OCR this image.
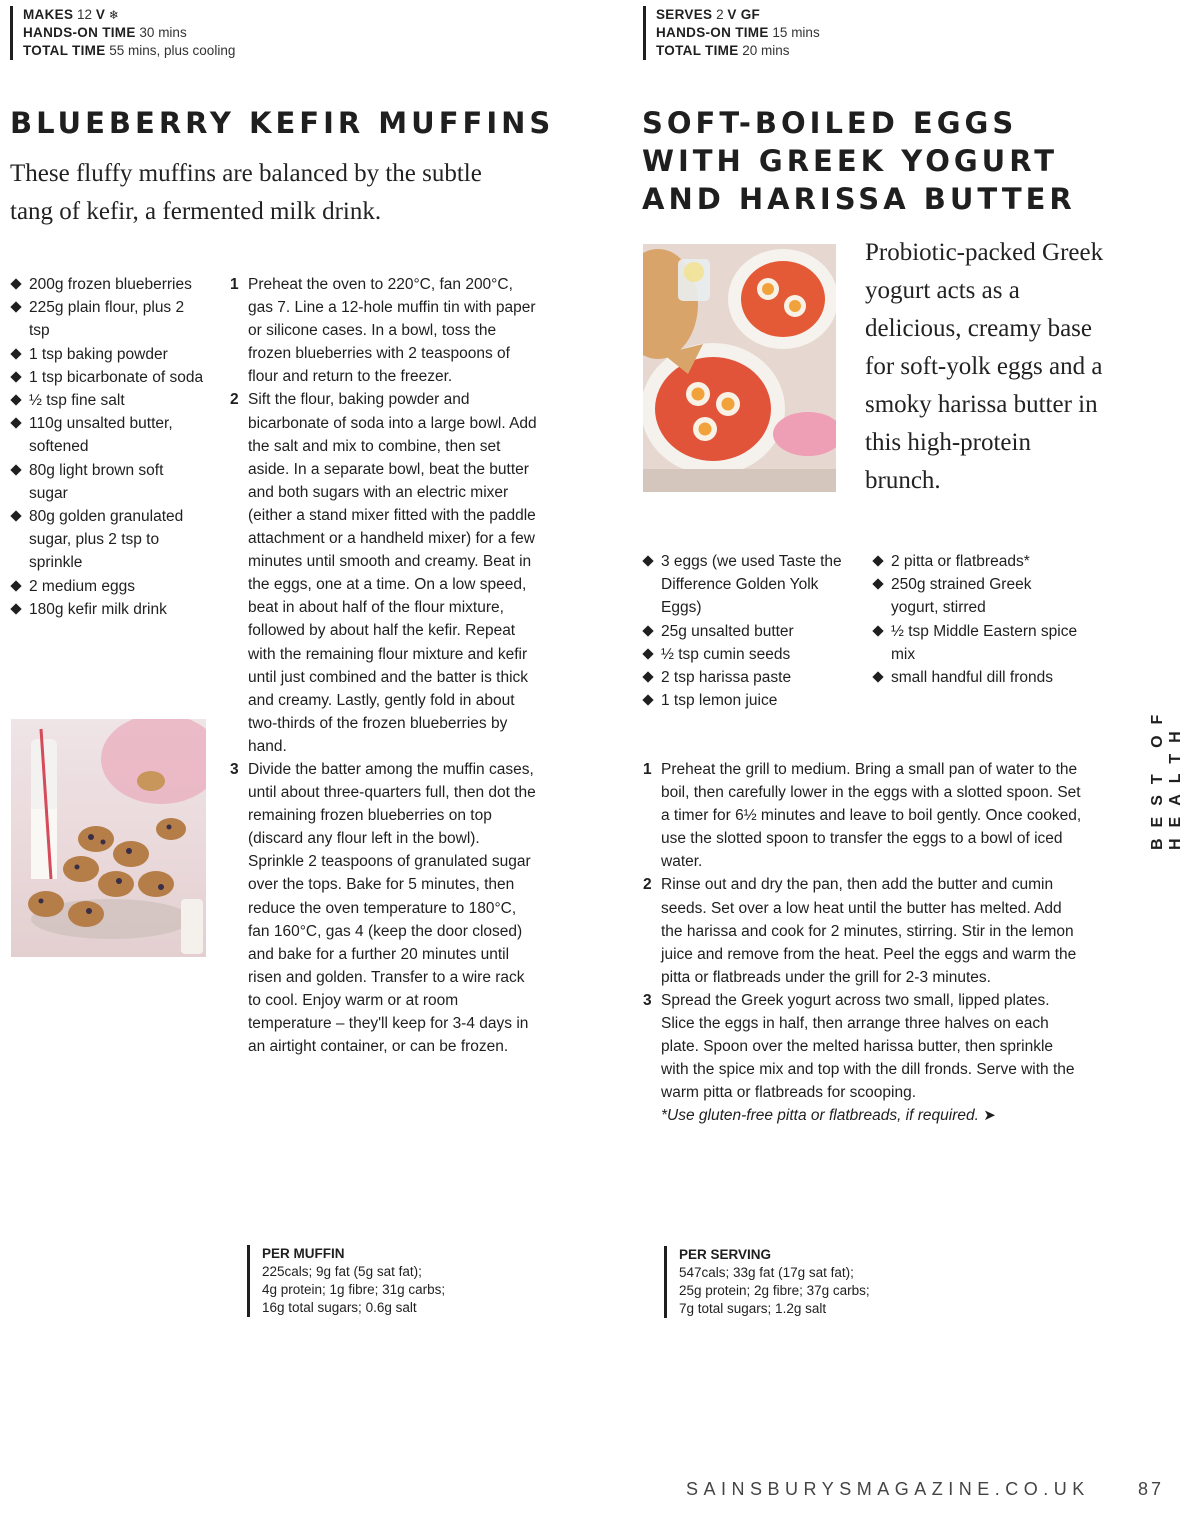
MAKES 12 V ❄
HANDS-ON TIME 30 mins
TOTAL TIME 55 mins, plus cooling
BLUEBERRY KEFIR MUFFINS
These fluffy muffins are balanced by the subtle tang of kefir, a fermented milk drink.
200g frozen blueberries
225g plain flour, plus 2 tsp
1 tsp baking powder
1 tsp bicarbonate of soda
½ tsp fine salt
110g unsalted butter, softened
80g light brown soft sugar
80g golden granulated sugar, plus 2 tsp to sprinkle
2 medium eggs
180g kefir milk drink
1 Preheat the oven to 220°C, fan 200°C, gas 7. Line a 12-hole muffin tin with paper or silicone cases. In a bowl, toss the frozen blueberries with 2 teaspoons of flour and return to the freezer.
2 Sift the flour, baking powder and bicarbonate of soda into a large bowl. Add the salt and mix to combine, then set aside. In a separate bowl, beat the butter and both sugars with an electric mixer (either a stand mixer fitted with the paddle attachment or a handheld mixer) for a few minutes until smooth and creamy. Beat in the eggs, one at a time. On a low speed, beat in about half of the flour mixture, followed by about half the kefir. Repeat with the remaining flour mixture and kefir until just combined and the batter is thick and creamy. Lastly, gently fold in about two-thirds of the frozen blueberries by hand.
3 Divide the batter among the muffin cases, until about three-quarters full, then dot the remaining frozen blueberries on top (discard any flour left in the bowl). Sprinkle 2 teaspoons of granulated sugar over the tops. Bake for 5 minutes, then reduce the oven temperature to 180°C, fan 160°C, gas 4 (keep the door closed) and bake for a further 20 minutes until risen and golden. Transfer to a wire rack to cool. Enjoy warm or at room temperature – they'll keep for 3-4 days in an airtight container, or can be frozen.
PER MUFFIN
225cals; 9g fat (5g sat fat);
4g protein; 1g fibre; 31g carbs;
16g total sugars; 0.6g salt
SERVES 2 V GF
HANDS-ON TIME 15 mins
TOTAL TIME 20 mins
SOFT-BOILED EGGS
WITH GREEK YOGURT
AND HARISSA BUTTER
Probiotic-packed Greek yogurt acts as a delicious, creamy base for soft-yolk eggs and a smoky harissa butter in this high-protein brunch.
3 eggs (we used Taste the Difference Golden Yolk Eggs)
25g unsalted butter
½ tsp cumin seeds
2 tsp harissa paste
1 tsp lemon juice
2 pitta or flatbreads*
250g strained Greek yogurt, stirred
½ tsp Middle Eastern spice mix
small handful dill fronds
1 Preheat the grill to medium. Bring a small pan of water to the boil, then carefully lower in the eggs with a slotted spoon. Set a timer for 6½ minutes and leave to boil gently. Once cooked, use the slotted spoon to transfer the eggs to a bowl of iced water.
2 Rinse out and dry the pan, then add the butter and cumin seeds. Set over a low heat until the butter has melted. Add the harissa and cook for 2 minutes, stirring. Stir in the lemon juice and remove from the heat. Peel the eggs and warm the pitta or flatbreads under the grill for 2-3 minutes.
3 Spread the Greek yogurt across two small, lipped plates. Slice the eggs in half, then arrange three halves on each plate. Spoon over the melted harissa butter, then sprinkle with the spice mix and top with the dill fronds. Serve with the warm pitta or flatbreads for scooping.
*Use gluten-free pitta or flatbreads, if required. ➤
PER SERVING
547cals; 33g fat (17g sat fat);
25g protein; 2g fibre; 37g carbs;
7g total sugars; 1.2g salt
BEST OF HEALTH
SAINSBURYSMAGAZINE.CO.UK	87
